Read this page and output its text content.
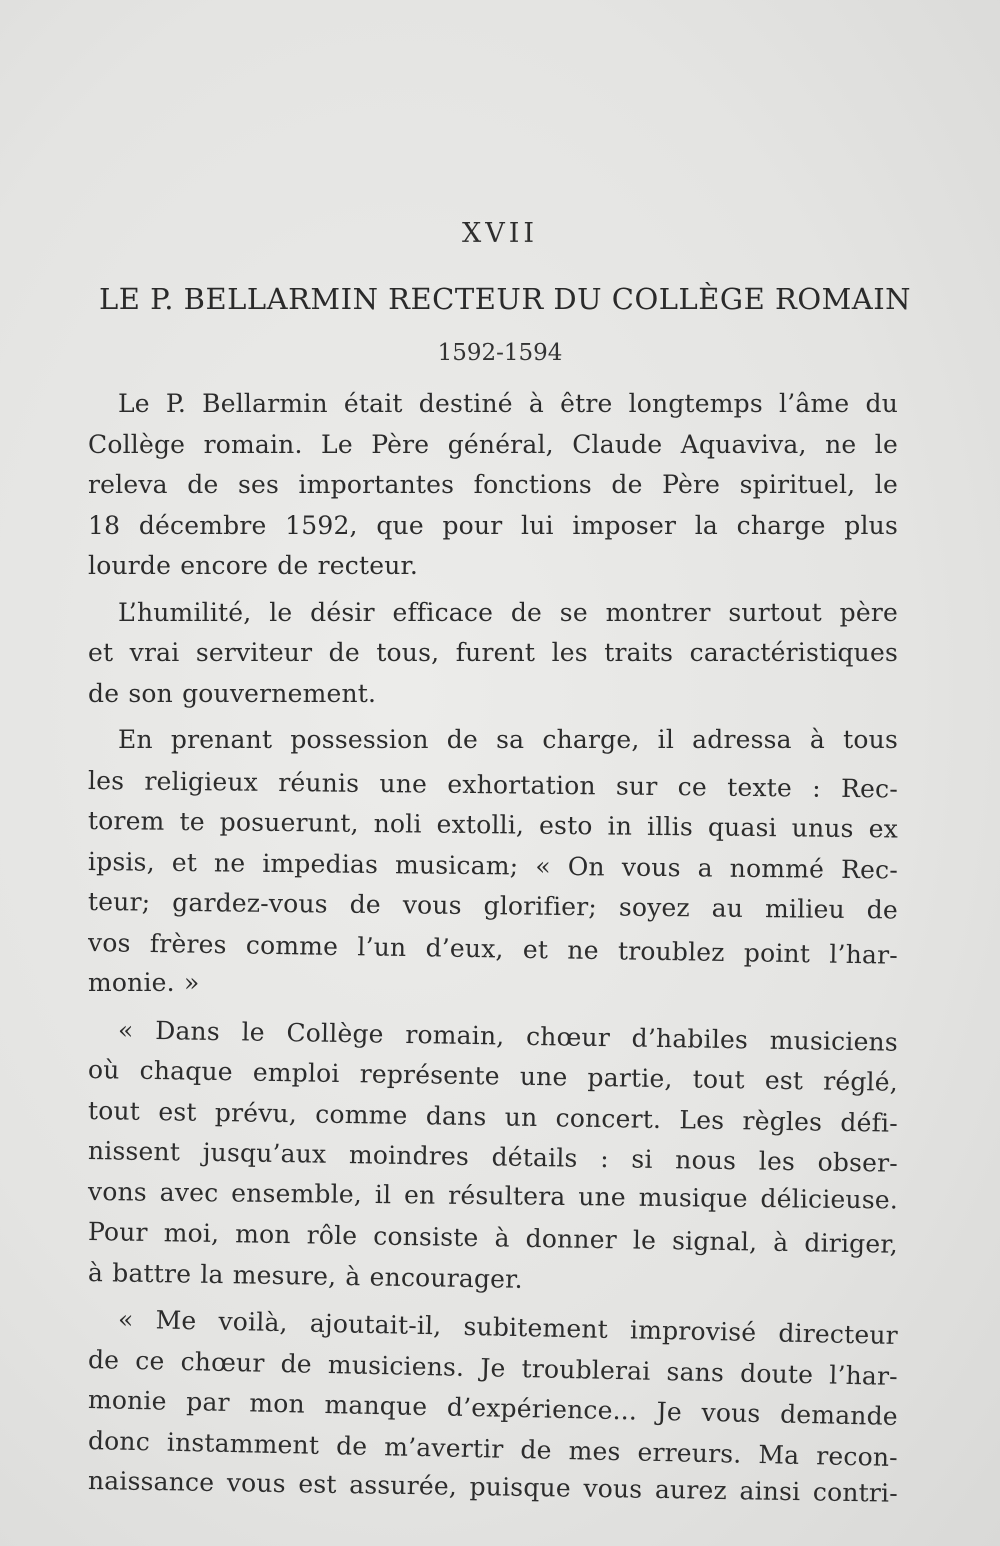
XVII
LE P. BELLARMIN RECTEUR DU COLLÈGE ROMAIN
1592-1594

Le P. Bellarmin était destiné à être longtemps l’âme du

Collège romain. Le Père général, Claude Aquaviva, ne le

releva de ses importantes fonctions de Père spirituel, le

18 décembre 1592, que pour lui imposer la charge plus

lourde encore de recteur.

L’humilité, le désir efficace de se montrer surtout père

et vrai serviteur de tous, furent les traits caractéristiques

de son gouvernement.

En prenant possession de sa charge, il adressa à tous

les religieux réunis une exhortation sur ce texte : Rec-

torem te posuerunt, noli extolli, esto in illis quasi unus ex

ipsis, et ne impedias musicam; « On vous a nommé Rec-

teur; gardez-vous de vous glorifier; soyez au milieu de

vos frères comme l’un d’eux, et ne troublez point l’har-

monie. »

« Dans le Collège romain, chœur d’habiles musiciens

où chaque emploi représente une partie, tout est réglé,

tout est prévu, comme dans un concert. Les règles défi-

nissent jusqu’aux moindres détails : si nous les obser-

vons avec ensemble, il en résultera une musique délicieuse.

Pour moi, mon rôle consiste à donner le signal, à diriger,

à battre la mesure, à encourager.

« Me voilà, ajoutait-il, subitement improvisé directeur

de ce chœur de musiciens. Je troublerai sans doute l’har-

monie par mon manque d’expérience... Je vous demande

donc instamment de m’avertir de mes erreurs. Ma recon-

naissance vous est assurée, puisque vous aurez ainsi contri-
